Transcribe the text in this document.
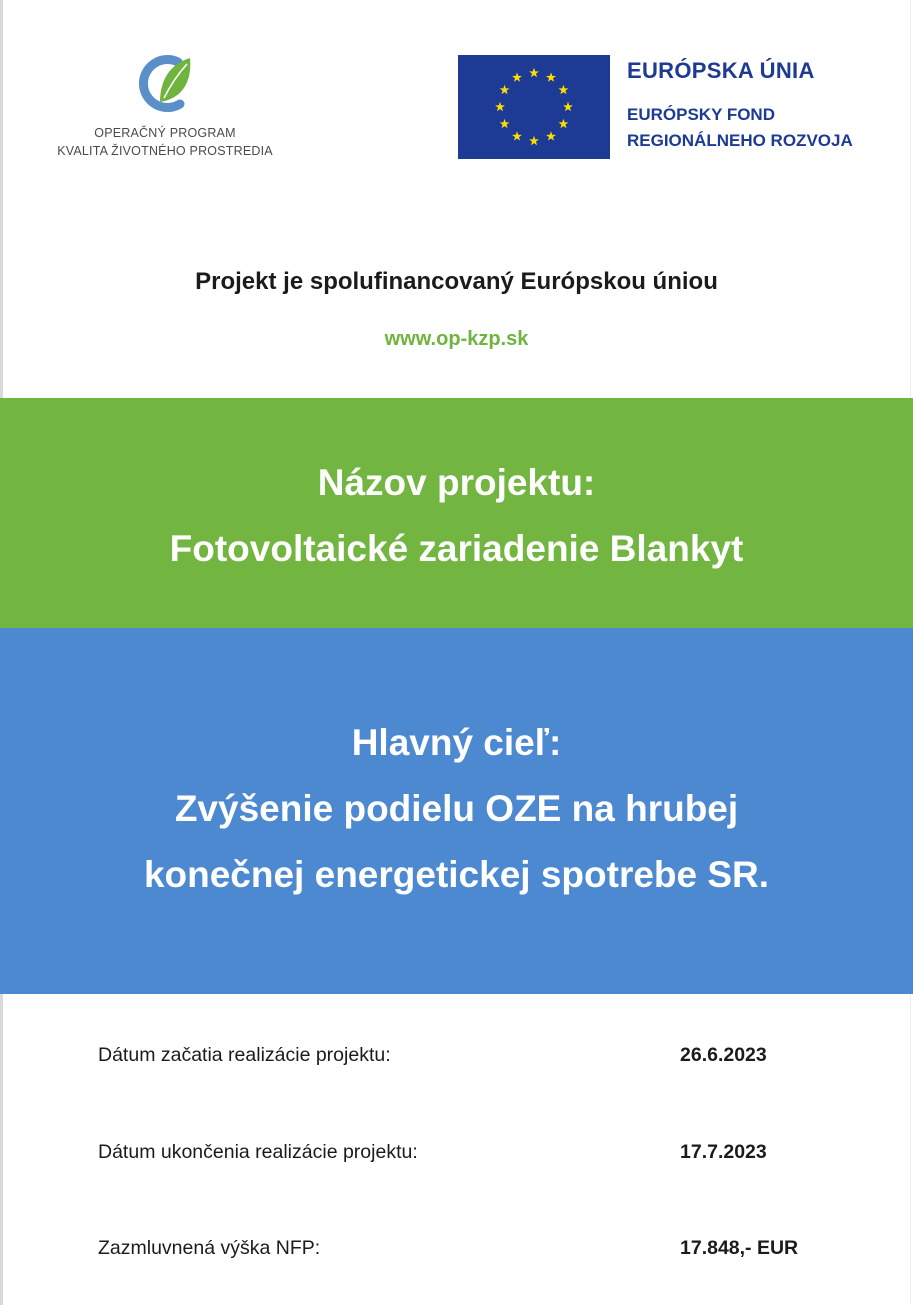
OPERAČNÝ PROGRAM
KVALITA ŽIVOTNÉHO PROSTREDIA
EURÓPSKA ÚNIA
EURÓPSKY FOND
REGIONÁLNEHO ROZVOJA
Projekt je spolufinancovaný Európskou úniou
www.op-kzp.sk
Názov projektu:
Fotovoltaické zariadenie Blankyt
Hlavný cieľ:
Zvýšenie podielu OZE na hrubej
konečnej energetickej spotrebe SR.
Dátum začatia realizácie projektu:	26.6.2023
Dátum ukončenia realizácie projektu:	17.7.2023
Zazmluvnená výška NFP:	17.848,- EUR
